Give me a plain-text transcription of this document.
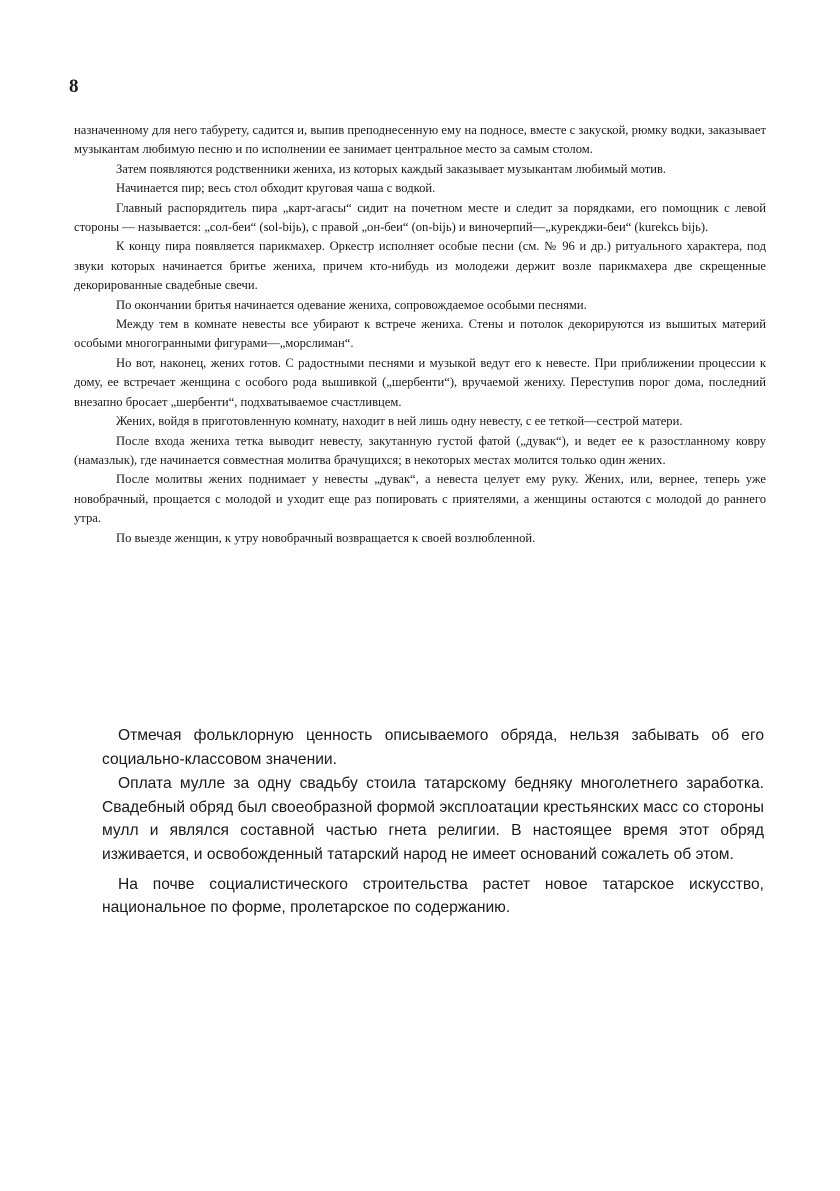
8

назначенному для него табурету, садится и, выпив преподнесенную ему на подносе, вместе с закуской, рюмку водки, заказывает музыкантам любимую песню и по исполнении ее занимает центральное место за самым столом.

Затем появляются родственники жениха, из которых каждый заказывает музыкантам любимый мотив.

Начинается пир; весь стол обходит круговая чаша с водкой.

Главный распорядитель пира „карт-агасы“ сидит на почетном месте и следит за порядками, его помощник с левой стороны — называется: „сол-беи“ (sol-bijь), с правой „он-беи“ (on-bijь) и виночерпий—„курекджи-беи“ (kurekсь bijь).

К концу пира появляется парикмахер. Оркестр исполняет особые песни (см. № 96 и др.) ритуального характера, под звуки которых начинается бритье жениха, причем кто-нибудь из молодежи держит возле парикмахера две скрещенные декорированные свадебные свечи.

По окончании бритья начинается одевание жениха, сопровождаемое особыми песнями.

Между тем в комнате невесты все убирают к встрече жениха. Стены и потолок декорируются из вышитых материй особыми многогранными фигурами—„морслиман“.

Но вот, наконец, жених готов. С радостными песнями и музыкой ведут его к невесте. При приближении процессии к дому, ее встречает женщина с особого рода вышивкой („шербенти“), вручаемой жениху. Переступив порог дома, последний внезапно бросает „шербенти“, подхватываемое счастливцем.

Жених, войдя в приготовленную комнату, находит в ней лишь одну невесту, с ее теткой—сестрой матери.

После входа жениха тетка выводит невесту, закутанную густой фатой („дувак“), и ведет ее к разостланному ковру (намазлык), где начинается совместная молитва брачущихся; в некоторых местах молится только один жених.

После молитвы жених поднимает у невесты „дувак“, а невеста целует ему руку. Жених, или, вернее, теперь уже новобрачный, прощается с молодой и уходит еще раз попировать с приятелями, а женщины остаются с молодой до раннего утра.

По выезде женщин, к утру новобрачный возвращается к своей возлюбленной.

Отмечая фольклорную ценность описываемого обряда, нельзя забывать об его социально-классовом значении.

Оплата мулле за одну свадьбу стоила татарскому бедняку многолетнего заработка. Свадебный обряд был своеобразной формой эксплоатации крестьянских масс со стороны мулл и являлся составной частью гнета религии. В настоящее время этот обряд изживается, и освобожденный татарский народ не имеет оснований сожалеть об этом.

На почве социалистического строительства растет новое татарское искусство, национальное по форме, пролетарское по содержанию.
